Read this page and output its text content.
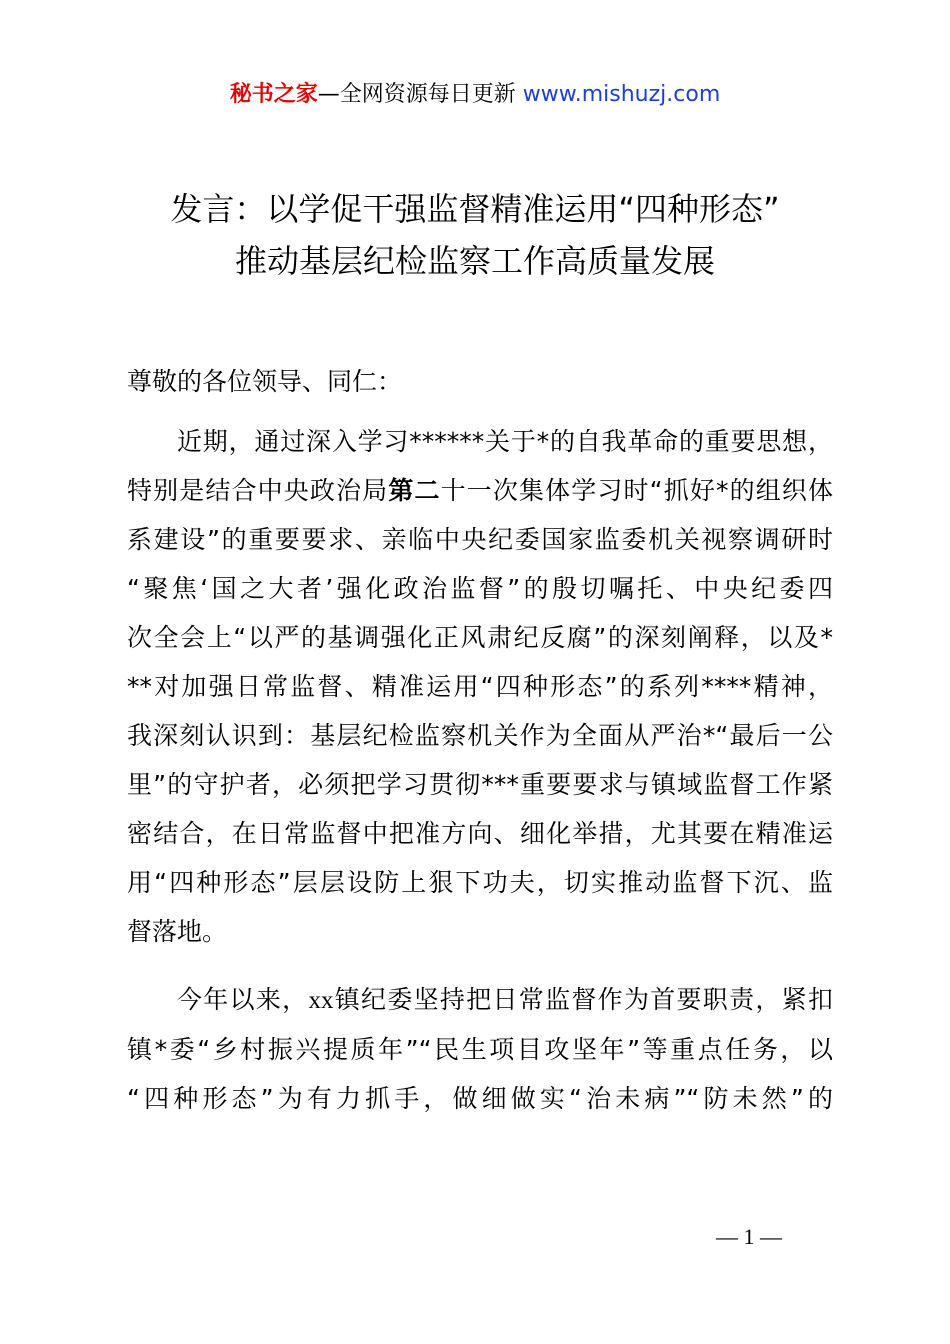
秘书之家—全网资源每日更新 www.mishuzj.com
发言：以学促干强监督精准运用“四种形态”
推动基层纪检监察工作高质量发展
尊敬的各位领导、同仁：
近期，通过深入学习******关于*的自我革命的重要思想，
特别是结合中央政治局第二十一次集体学习时“抓好*的组织体
系建设”的重要要求、亲临中央纪委国家监委机关视察调研时
“聚焦‘国之大者’强化政治监督”的殷切嘱托、中央纪委四
次全会上“以严的基调强化正风肃纪反腐”的深刻阐释，以及*
**对加强日常监督、精准运用“四种形态”的系列****精神，
我深刻认识到：基层纪检监察机关作为全面从严治*“最后一公
里”的守护者，必须把学习贯彻***重要要求与镇域监督工作紧
密结合，在日常监督中把准方向、细化举措，尤其要在精准运
用“四种形态”层层设防上狠下功夫，切实推动监督下沉、监
督落地。
今年以来，xx镇纪委坚持把日常监督作为首要职责，紧扣
镇*委“乡村振兴提质年”“民生项目攻坚年”等重点任务，以
“四种形态”为有力抓手，做细做实“治未病”“防未然”的
— 1 —
